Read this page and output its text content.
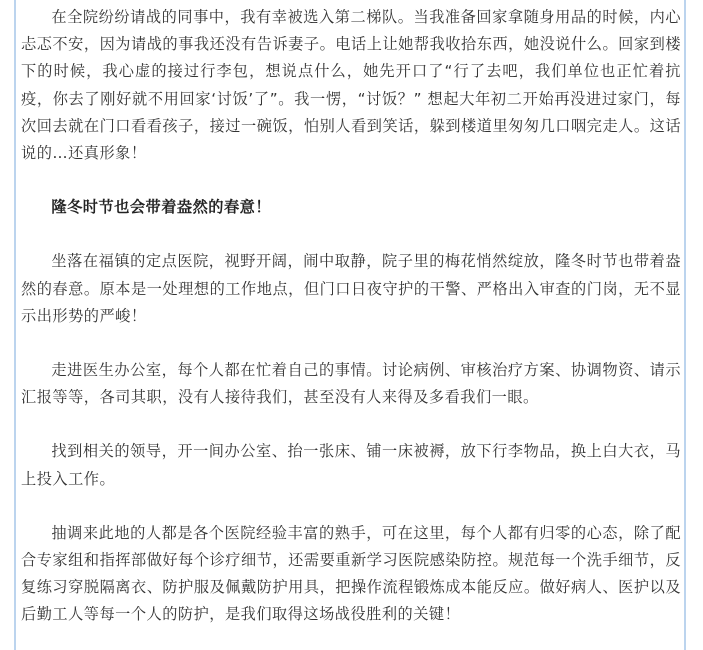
在全院纷纷请战的同事中，我有幸被选入第二梯队。当我准备回家拿随身用品的时候，内心忐忑不安，因为请战的事我还没有告诉妻子。电话上让她帮我收拾东西，她没说什么。回家到楼下的时候，我心虚的接过行李包，想说点什么，她先开口了“行了去吧，我们单位也正忙着抗疫，你去了刚好就不用回家‘讨饭’了”。我一愣，“讨饭？” 想起大年初二开始再没进过家门，每次回去就在门口看看孩子，接过一碗饭，怕别人看到笑话，躲到楼道里匆匆几口咽完走人。这话说的…还真形象！

隆冬时节也会带着盎然的春意！

坐落在福镇的定点医院，视野开阔，闹中取静，院子里的梅花悄然绽放，隆冬时节也带着盎然的春意。原本是一处理想的工作地点，但门口日夜守护的干警、严格出入审查的门岗，无不显示出形势的严峻！

走进医生办公室，每个人都在忙着自己的事情。讨论病例、审核治疗方案、协调物资、请示汇报等等，各司其职，没有人接待我们，甚至没有人来得及多看我们一眼。

找到相关的领导，开一间办公室、抬一张床、铺一床被褥，放下行李物品，换上白大衣，马上投入工作。

抽调来此地的人都是各个医院经验丰富的熟手，可在这里，每个人都有归零的心态，除了配合专家组和指挥部做好每个诊疗细节，还需要重新学习医院感染防控。规范每一个洗手细节，反复练习穿脱隔离衣、防护服及佩戴防护用具，把操作流程锻炼成本能反应。做好病人、医护以及后勤工人等每一个人的防护，是我们取得这场战役胜利的关键！
